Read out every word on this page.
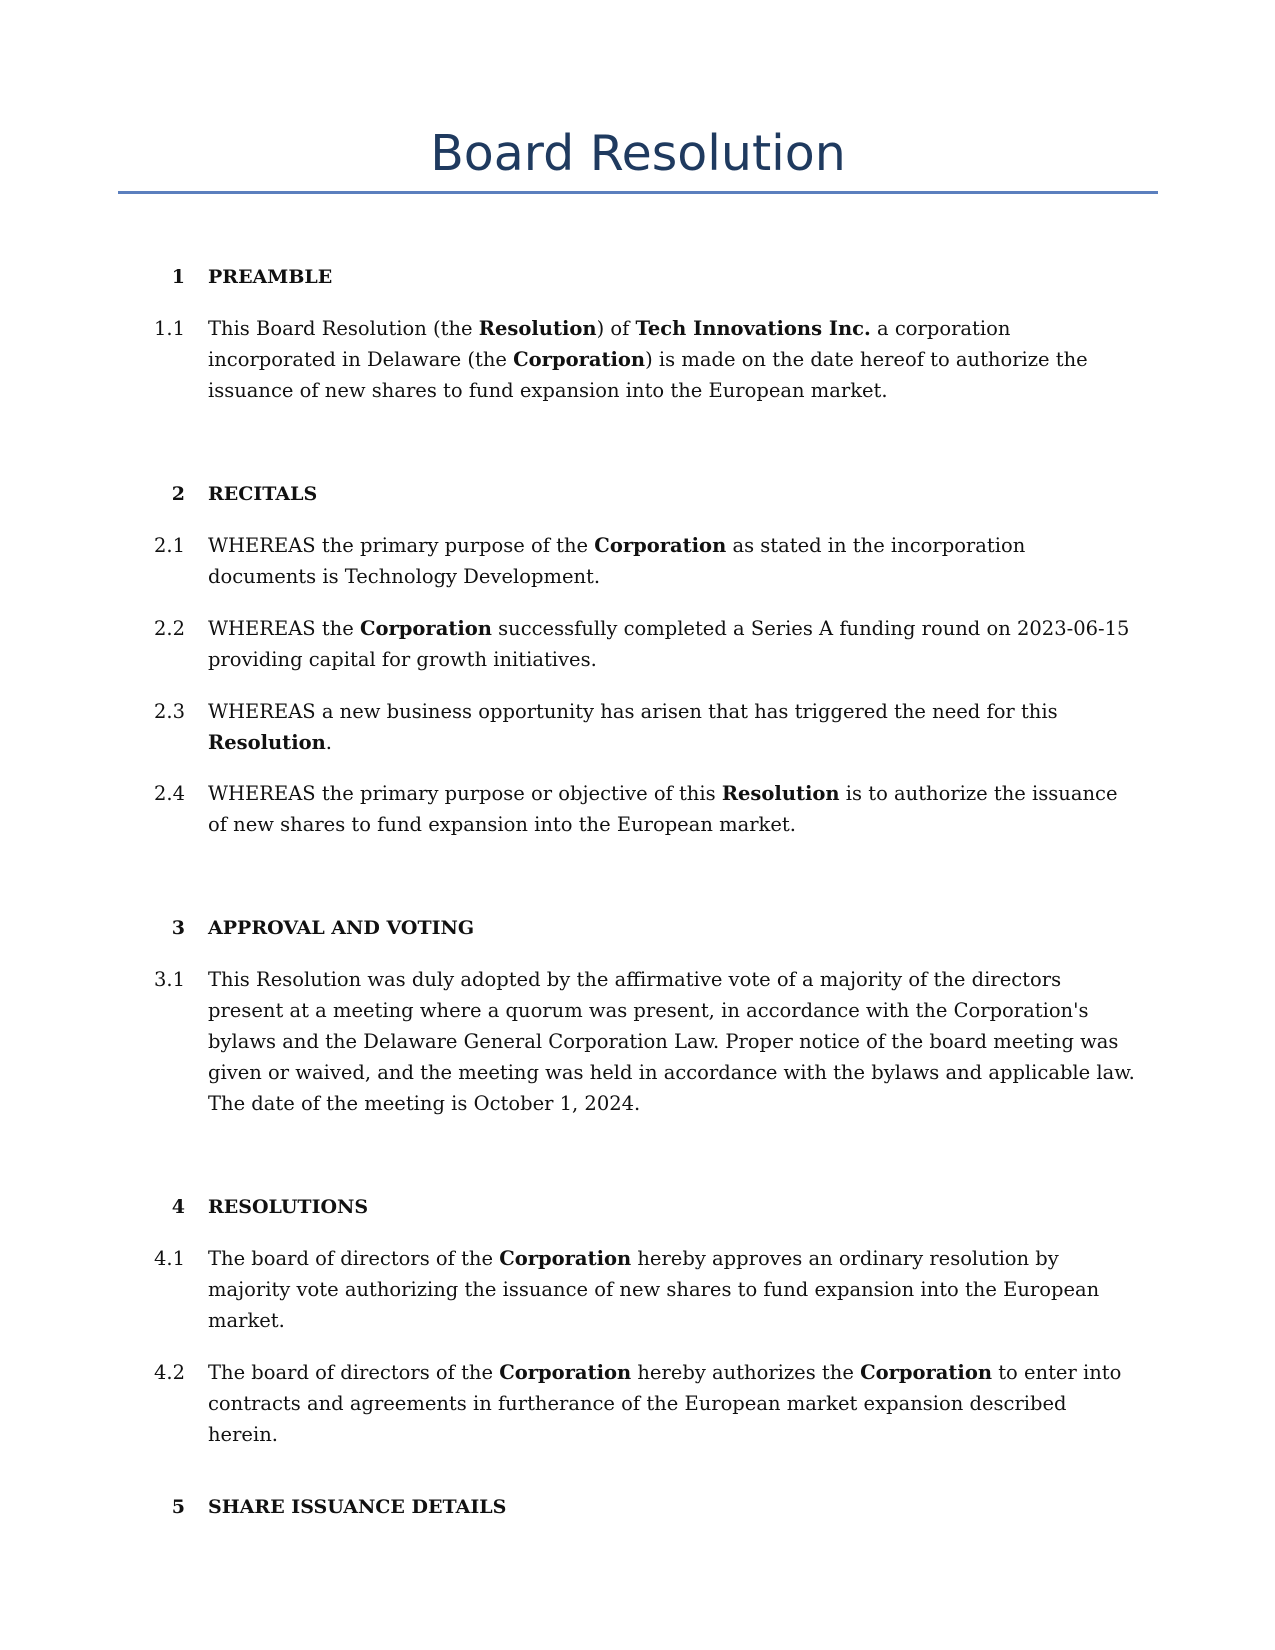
Board Resolution
1 PREAMBLE
1.1 This Board Resolution (the Resolution) of Tech Innovations Inc. a corporation incorporated in Delaware (the Corporation) is made on the date hereof to authorize the issuance of new shares to fund expansion into the European market.
2 RECITALS
2.1 WHEREAS the primary purpose of the Corporation as stated in the incorporation documents is Technology Development.
2.2 WHEREAS the Corporation successfully completed a Series A funding round on 2023-06-15 providing capital for growth initiatives.
2.3 WHEREAS a new business opportunity has arisen that has triggered the need for this Resolution.
2.4 WHEREAS the primary purpose or objective of this Resolution is to authorize the issuance of new shares to fund expansion into the European market.
3 APPROVAL AND VOTING
3.1 This Resolution was duly adopted by the affirmative vote of a majority of the directors present at a meeting where a quorum was present, in accordance with the Corporation's bylaws and the Delaware General Corporation Law. Proper notice of the board meeting was given or waived, and the meeting was held in accordance with the bylaws and applicable law. The date of the meeting is October 1, 2024.
4 RESOLUTIONS
4.1 The board of directors of the Corporation hereby approves an ordinary resolution by majority vote authorizing the issuance of new shares to fund expansion into the European market.
4.2 The board of directors of the Corporation hereby authorizes the Corporation to enter into contracts and agreements in furtherance of the European market expansion described herein.
5 SHARE ISSUANCE DETAILS
